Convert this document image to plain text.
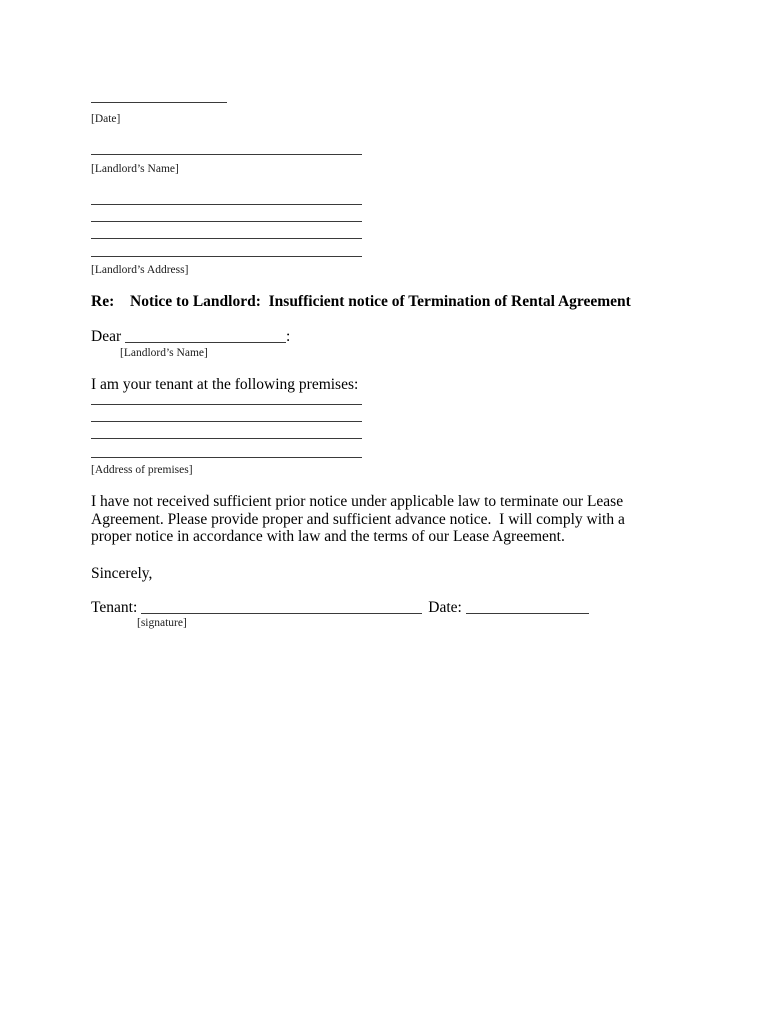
[Date]
[Landlord’s Name]
[Landlord’s Address]
Re: Notice to Landlord:  Insufficient notice of Termination of Rental Agreement
Dear	:
[Landlord’s Name]
I am your tenant at the following premises:
[Address of premises]
I have not received sufficient prior notice under applicable law to terminate our Lease Agreement. Please provide proper and sufficient advance notice.  I will comply with a proper notice in accordance with law and the terms of our Lease Agreement.
Sincerely,
Tenant:	Date:
[signature]
